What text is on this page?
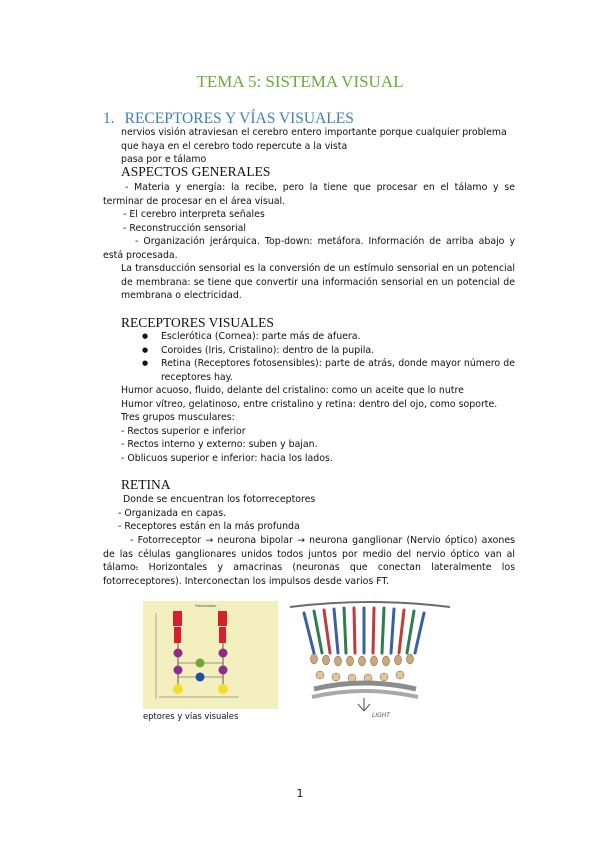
TEMA 5: SISTEMA VISUAL
1. RECEPTORES Y VÍAS VISUALES
nervios visión atraviesan el cerebro entero importante porque cualquier problema que haya en el cerebro todo repercute a la vista
pasa por e tálamo
ASPECTOS GENERALES
- Materia y energía: la recibe, pero la tiene que procesar en el tálamo y se terminar de procesar en el área visual.
- El cerebro interpreta señales
- Reconstrucción sensorial
- Organización jerárquica. Top-down: metáfora. Información de arriba abajo y está procesada.
La transducción sensorial es la conversión de un estímulo sensorial en un potencial de membrana: se tiene que convertir una información sensorial en un potencial de membrana o electricidad.
RECEPTORES VISUALES
● Esclerótica (Cornea): parte más de afuera.
● Coroides (Iris, Cristalino): dentro de la pupila.
● Retina (Receptores fotosensibles): parte de atrás, donde mayor número de receptores hay.
Humor acuoso, fluido, delante del cristalino: como un aceite que lo nutre
Humor vítreo, gelatinoso, entre cristalino y retina: dentro del ojo, como soporte.
Tres grupos musculares:
- Rectos superior e inferior
- Rectos interno y externo: suben y bajan.
- Oblicuos superior e inferior: hacia los lados.
RETINA
Donde se encuentran los fotorreceptores
- Organizada en capas.
- Receptores están en la más profunda
- Fotorreceptor → neurona bipolar → neurona ganglionar (Nervio óptico) axones de las células ganglionares unidos todos juntos por medio del nervio óptico van al tálamo.
- Horizontales y amacrinas (neuronas que conectan lateralmente los fotorreceptores). Interconectan los impulsos desde varios FT.
Fotorreceptor
eptores y vías visuales	LIGHT
1
